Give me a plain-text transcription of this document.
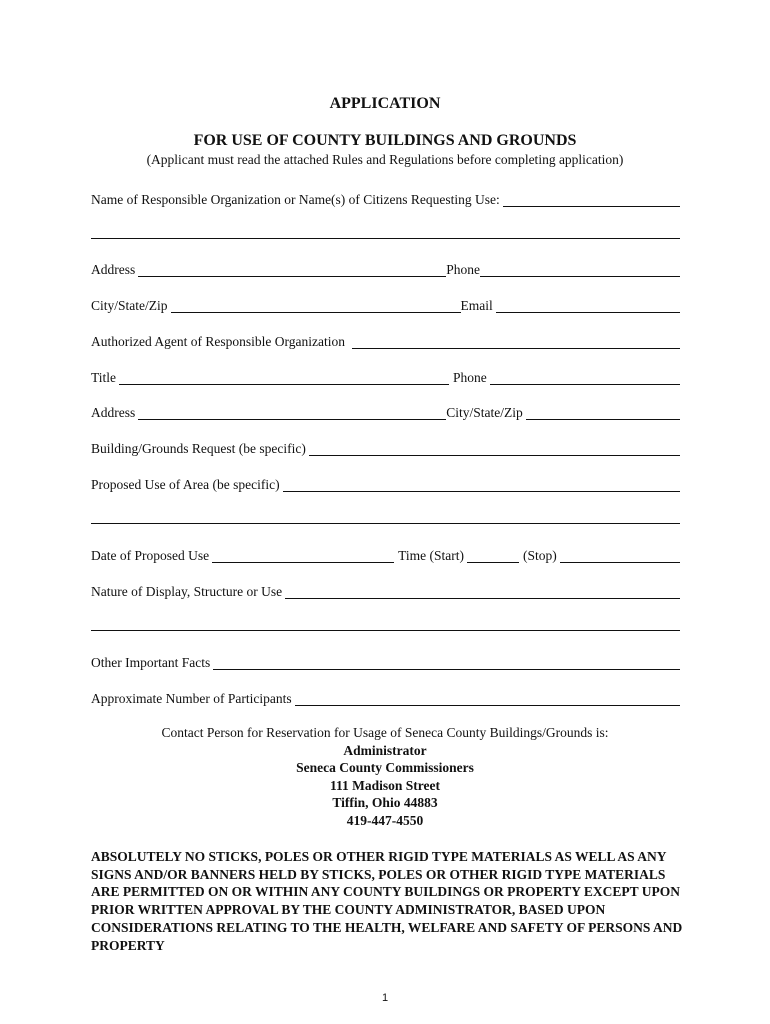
APPLICATION
FOR USE OF COUNTY BUILDINGS AND GROUNDS
(Applicant must read the attached Rules and Regulations before completing application)
Name of Responsible Organization or Name(s) of Citizens Requesting Use:
Address	Phone
City/State/Zip	Email
Authorized Agent of Responsible Organization
Title	Phone
Address	City/State/Zip
Building/Grounds Request (be specific)
Proposed Use of Area (be specific)
Date of Proposed Use	Time (Start)	(Stop)
Nature of Display, Structure or Use
Other Important Facts
Approximate Number of Participants
Contact Person for Reservation for Usage of Seneca County Buildings/Grounds is:
Administrator
Seneca County Commissioners
111 Madison Street
Tiffin, Ohio 44883
419-447-4550
ABSOLUTELY NO STICKS, POLES OR OTHER RIGID TYPE MATERIALS AS WELL AS ANY SIGNS AND/OR BANNERS HELD BY STICKS, POLES OR OTHER RIGID TYPE MATERIALS ARE PERMITTED ON OR WITHIN ANY COUNTY BUILDINGS OR PROPERTY EXCEPT UPON PRIOR WRITTEN APPROVAL BY THE COUNTY ADMINISTRATOR, BASED UPON CONSIDERATIONS RELATING TO THE HEALTH, WELFARE AND SAFETY OF PERSONS AND PROPERTY
1
